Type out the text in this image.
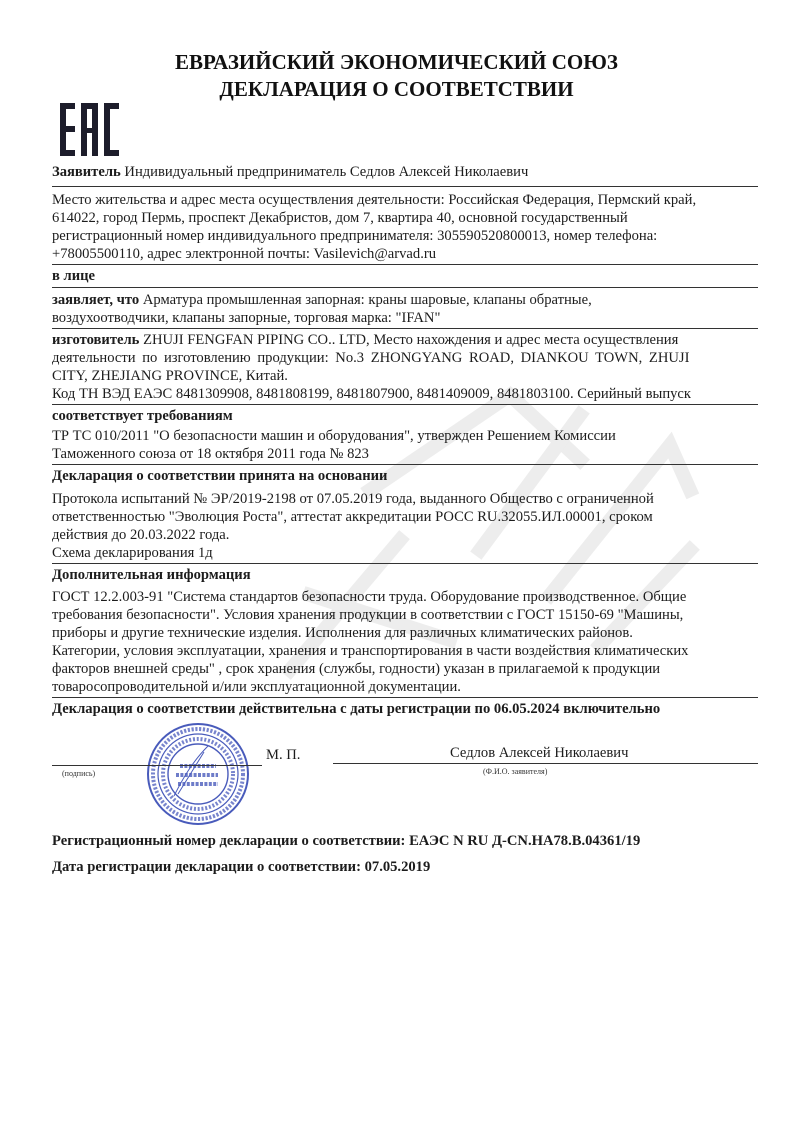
ЕВРАЗИЙСКИЙ ЭКОНОМИЧЕСКИЙ СОЮЗ
ДЕКЛАРАЦИЯ О СООТВЕТСТВИИ
Заявитель Индивидуальный предприниматель Седлов Алексей Николаевич
Место жительства и адрес места осуществления деятельности: Российская Федерация, Пермский край,
614022, город Пермь, проспект Декабристов, дом 7, квартира 40, основной государственный
регистрационный номер индивидуального предпринимателя: 305590520800013, номер телефона:
+78005500110, адрес электронной почты: Vasilevich@arvad.ru
в лице
заявляет, что Арматура промышленная запорная: краны шаровые, клапаны обратные,
воздухоотводчики, клапаны запорные, торговая марка: "IFAN"
изготовитель ZHUJI FENGFAN PIPING CO.. LTD, Место нахождения и адрес места осуществления
деятельности по изготовлению продукции: No.3 ZHONGYANG ROAD, DIANKOU TOWN, ZHUJI
CITY, ZHEJIANG PROVINCE, Китай.
Код ТН ВЭД ЕАЭС 8481309908, 8481808199, 8481807900, 8481409009, 8481803100. Серийный выпуск
соответствует требованиям
ТР ТС 010/2011 "О безопасности машин и оборудования", утвержден Решением Комиссии
Таможенного союза от 18 октября 2011 года № 823
Декларация о соответствии принята на основании
Протокола испытаний № ЭР/2019-2198 от 07.05.2019 года, выданного Общество с ограниченной
ответственностью "Эволюция Роста", аттестат аккредитации РОСС RU.32055.ИЛ.00001, сроком
действия до 20.03.2022 года.
Схема декларирования 1д
Дополнительная информация
ГОСТ 12.2.003-91 "Система стандартов безопасности труда. Оборудование производственное. Общие
требования безопасности". Условия хранения продукции в соответствии с ГОСТ 15150-69 "Машины,
приборы и другие технические изделия. Исполнения для различных климатических районов.
Категории, условия эксплуатации, хранения и транспортирования в части воздействия климатических
факторов внешней среды" , срок хранения (службы, годности) указан в прилагаемой к продукции
товаросопроводительной и/или эксплуатационной документации.
Декларация о соответствии действительна с даты регистрации по 06.05.2024 включительно
(подпись)
М. П.	Седлов Алексей Николаевич
(Ф.И.О. заявителя)
Регистрационный номер декларации о соответствии: ЕАЭС N RU Д-CN.НА78.В.04361/19
Дата регистрации декларации о соответствии: 07.05.2019
